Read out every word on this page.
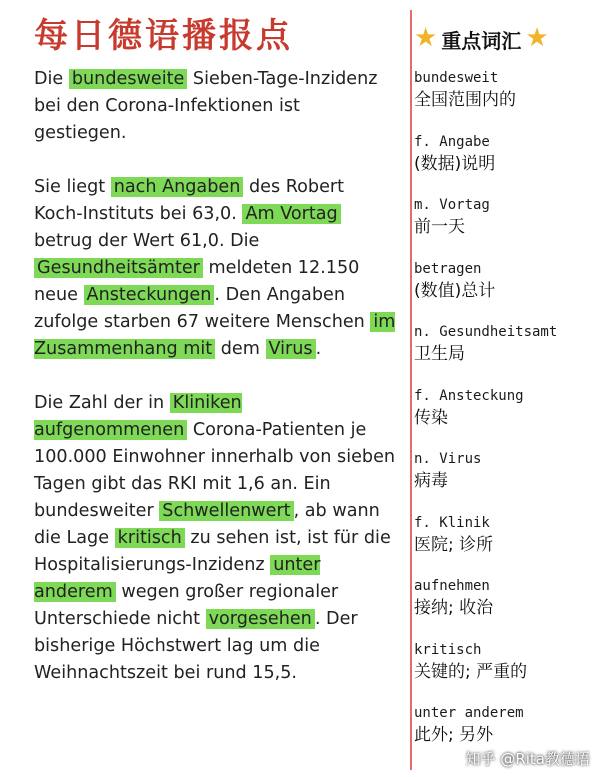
每日德语播报点

Die bundesweite Sieben-Tage-Inzidenz bei den Corona-Infektionen ist gestiegen.

Sie liegt nach Angaben des Robert Koch-Instituts bei 63,0. Am Vortag betrug der Wert 61,0. Die Gesundheitsämter meldeten 12.150 neue Ansteckungen . Den Angaben zufolge starben 67 weitere Menschen im Zusammenhang mit dem Virus .

Die Zahl der in Kliniken aufgenommenen Corona-Patienten je 100.000 Einwohner innerhalb von sieben Tagen gibt das RKI mit 1,6 an. Ein bundesweiter Schwellenwert , ab wann die Lage kritisch zu sehen ist, ist für die Hospitalisierungs-Inzidenz unter anderem wegen großer regionaler Unterschiede nicht vorgesehen . Der bisherige Höchstwert lag um die Weihnachtszeit bei rund 15,5.

★ 重点词汇 ★
bundesweit
全国范围内的
f. Angabe
(数据)说明
m. Vortag
前一天
betragen
(数值)总计
n. Gesundheitsamt
卫生局
f. Ansteckung
传染
n. Virus
病毒
f. Klinik
医院; 诊所
aufnehmen
接纳; 收治
kritisch
关键的; 严重的
unter anderem
此外; 另外
知乎 @Rita教德语
